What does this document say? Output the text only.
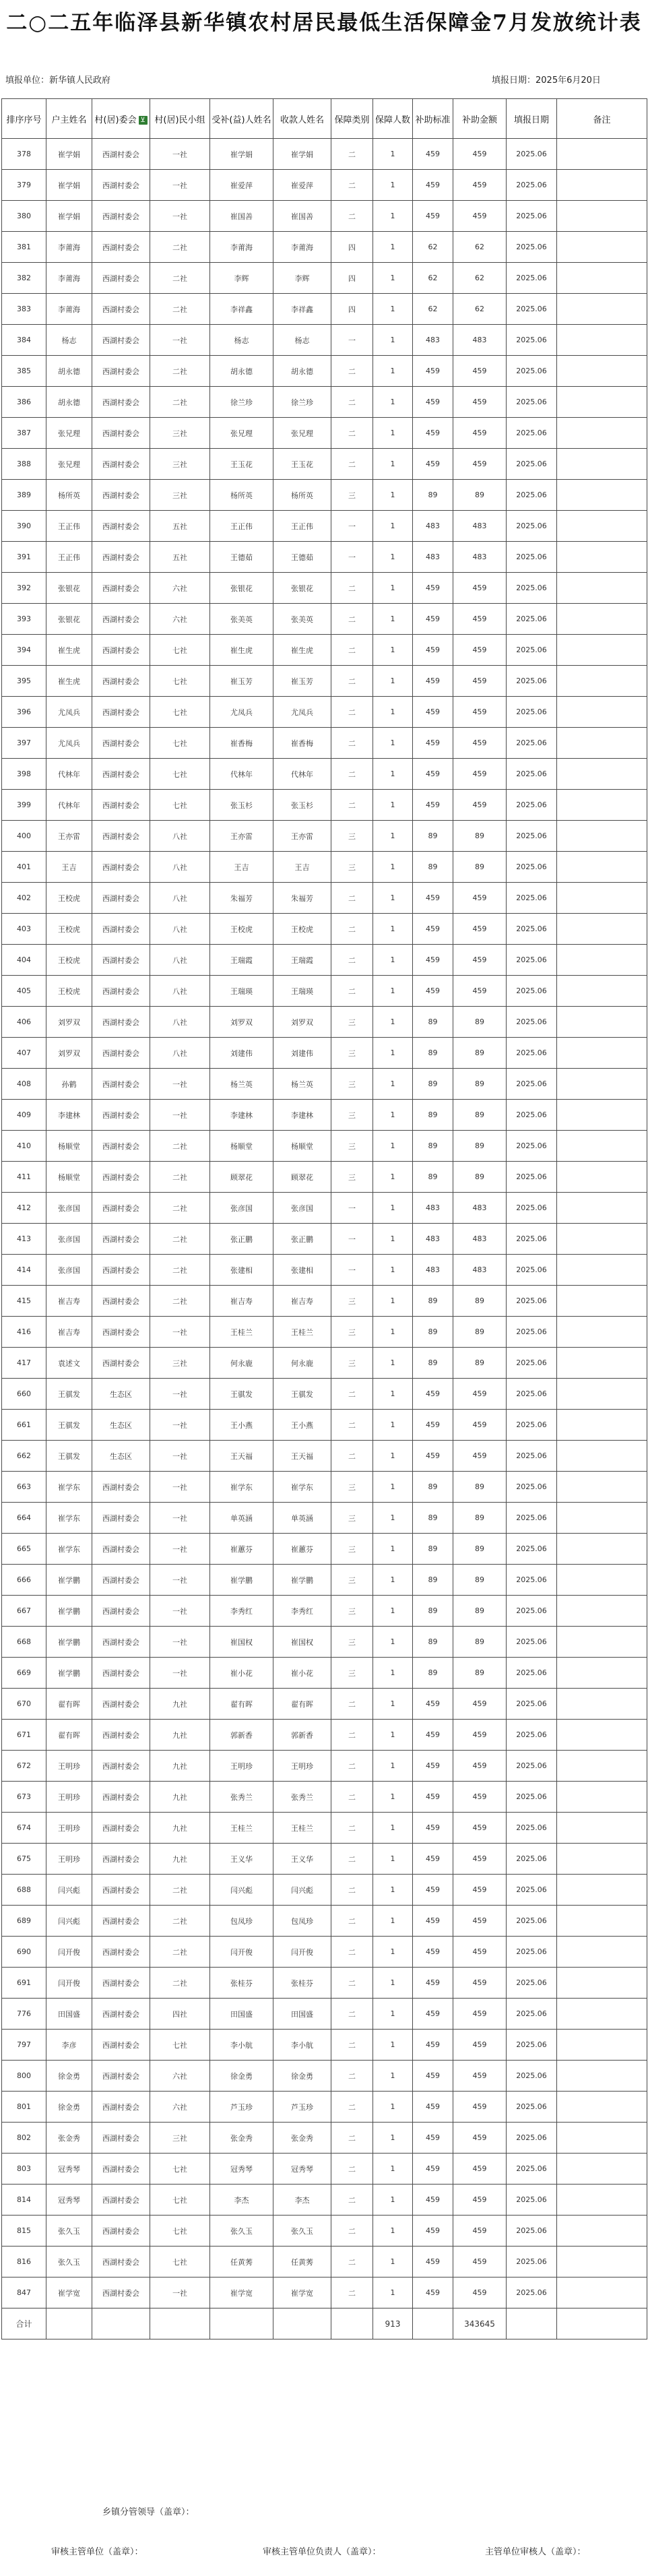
二○二五年临泽县新华镇农村居民最低生活保障金7月发放统计表
填报单位：新华镇人民政府	填报日期：2025年6月20日
排序序号	户主姓名	村(居)委会 ⊻	村(居)民小组	受补(益)人姓名	收款人姓名	保障类别	保障人数	补助标准	补助金额	填报日期	备注
378	崔学娟	西湖村委会	一社	崔学娟	崔学娟	二	1	459	459	2025.06	
379	崔学娟	西湖村委会	一社	崔爱萍	崔爱萍	二	1	459	459	2025.06	
380	崔学娟	西湖村委会	一社	崔国善	崔国善	二	1	459	459	2025.06	
381	李莆海	西湖村委会	二社	李莆海	李莆海	四	1	62	62	2025.06	
382	李莆海	西湖村委会	二社	李辉	李辉	四	1	62	62	2025.06	
383	李莆海	西湖村委会	二社	李祥鑫	李祥鑫	四	1	62	62	2025.06	
384	杨志	西湖村委会	一社	杨志	杨志	一	1	483	483	2025.06	
385	胡永德	西湖村委会	二社	胡永德	胡永德	二	1	459	459	2025.06	
386	胡永德	西湖村委会	二社	徐兰珍	徐兰珍	二	1	459	459	2025.06	
387	张兄理	西湖村委会	三社	张兄理	张兄理	二	1	459	459	2025.06	
388	张兄理	西湖村委会	三社	王玉花	王玉花	二	1	459	459	2025.06	
389	杨所英	西湖村委会	三社	杨所英	杨所英	三	1	89	89	2025.06	
390	王正伟	西湖村委会	五社	王正伟	王正伟	一	1	483	483	2025.06	
391	王正伟	西湖村委会	五社	王德茹	王德茹	一	1	483	483	2025.06	
392	张银花	西湖村委会	六社	张银花	张银花	二	1	459	459	2025.06	
393	张银花	西湖村委会	六社	张美英	张美英	二	1	459	459	2025.06	
394	崔生虎	西湖村委会	七社	崔生虎	崔生虎	二	1	459	459	2025.06	
395	崔生虎	西湖村委会	七社	崔玉芳	崔玉芳	二	1	459	459	2025.06	
396	尤凤兵	西湖村委会	七社	尤凤兵	尤凤兵	二	1	459	459	2025.06	
397	尤凤兵	西湖村委会	七社	崔香梅	崔香梅	二	1	459	459	2025.06	
398	代林年	西湖村委会	七社	代林年	代林年	二	1	459	459	2025.06	
399	代林年	西湖村委会	七社	张玉杉	张玉杉	二	1	459	459	2025.06	
400	王亦雷	西湖村委会	八社	王亦雷	王亦雷	三	1	89	89	2025.06	
401	王吉	西湖村委会	八社	王吉	王吉	三	1	89	89	2025.06	
402	王校虎	西湖村委会	八社	朱福芳	朱福芳	二	1	459	459	2025.06	
403	王校虎	西湖村委会	八社	王校虎	王校虎	二	1	459	459	2025.06	
404	王校虎	西湖村委会	八社	王瑞霞	王瑞霞	二	1	459	459	2025.06	
405	王校虎	西湖村委会	八社	王瑞瑛	王瑞瑛	二	1	459	459	2025.06	
406	刘罗双	西湖村委会	八社	刘罗双	刘罗双	三	1	89	89	2025.06	
407	刘罗双	西湖村委会	八社	刘建伟	刘建伟	三	1	89	89	2025.06	
408	孙鹤	西湖村委会	一社	杨兰英	杨兰英	三	1	89	89	2025.06	
409	李建林	西湖村委会	一社	李建林	李建林	三	1	89	89	2025.06	
410	杨顺堂	西湖村委会	二社	杨顺堂	杨顺堂	三	1	89	89	2025.06	
411	杨顺堂	西湖村委会	二社	顾翠花	顾翠花	三	1	89	89	2025.06	
412	张彦国	西湖村委会	二社	张彦国	张彦国	一	1	483	483	2025.06	
413	张彦国	西湖村委会	二社	张正鹏	张正鹏	一	1	483	483	2025.06	
414	张彦国	西湖村委会	二社	张建相	张建相	一	1	483	483	2025.06	
415	崔吉寿	西湖村委会	二社	崔吉寿	崔吉寿	三	1	89	89	2025.06	
416	崔吉寿	西湖村委会	一社	王桂兰	王桂兰	三	1	89	89	2025.06	
417	袁述文	西湖村委会	三社	何永鹿	何永鹿	三	1	89	89	2025.06	
660	王骐发	生态区	一社	王骐发	王骐发	二	1	459	459	2025.06	
661	王骐发	生态区	一社	王小燕	王小燕	二	1	459	459	2025.06	
662	王骐发	生态区	一社	王天福	王天福	二	1	459	459	2025.06	
663	崔学东	西湖村委会	一社	崔学东	崔学东	三	1	89	89	2025.06	
664	崔学东	西湖村委会	一社	单英涵	单英涵	三	1	89	89	2025.06	
665	崔学东	西湖村委会	一社	崔蕙芬	崔蕙芬	三	1	89	89	2025.06	
666	崔学鹏	西湖村委会	一社	崔学鹏	崔学鹏	三	1	89	89	2025.06	
667	崔学鹏	西湖村委会	一社	李秀红	李秀红	三	1	89	89	2025.06	
668	崔学鹏	西湖村委会	一社	崔国权	崔国权	三	1	89	89	2025.06	
669	崔学鹏	西湖村委会	一社	崔小花	崔小花	三	1	89	89	2025.06	
670	翟有晖	西湖村委会	九社	翟有晖	翟有晖	二	1	459	459	2025.06	
671	翟有晖	西湖村委会	九社	郭新香	郭新香	二	1	459	459	2025.06	
672	王明珍	西湖村委会	九社	王明珍	王明珍	二	1	459	459	2025.06	
673	王明珍	西湖村委会	九社	张秀兰	张秀兰	二	1	459	459	2025.06	
674	王明珍	西湖村委会	九社	王桂兰	王桂兰	二	1	459	459	2025.06	
675	王明珍	西湖村委会	九社	王义华	王义华	二	1	459	459	2025.06	
688	闫兴彪	西湖村委会	二社	闫兴彪	闫兴彪	二	1	459	459	2025.06	
689	闫兴彪	西湖村委会	二社	包凤珍	包凤珍	二	1	459	459	2025.06	
690	闫开俊	西湖村委会	二社	闫开俊	闫开俊	二	1	459	459	2025.06	
691	闫开俊	西湖村委会	二社	张桂芬	张桂芬	二	1	459	459	2025.06	
776	田国盛	西湖村委会	四社	田国盛	田国盛	二	1	459	459	2025.06	
797	李彦	西湖村委会	七社	李小航	李小航	二	1	459	459	2025.06	
800	徐金勇	西湖村委会	六社	徐金勇	徐金勇	二	1	459	459	2025.06	
801	徐金勇	西湖村委会	六社	芦玉珍	芦玉珍	二	1	459	459	2025.06	
802	张金秀	西湖村委会	三社	张金秀	张金秀	二	1	459	459	2025.06	
803	冠秀琴	西湖村委会	七社	冠秀琴	冠秀琴	二	1	459	459	2025.06	
814	冠秀琴	西湖村委会	七社	李杰	李杰	二	1	459	459	2025.06	
815	张久玉	西湖村委会	七社	张久玉	张久玉	二	1	459	459	2025.06	
816	张久玉	西湖村委会	七社	任黄莠	任黄莠	二	1	459	459	2025.06	
847	崔学宽	西湖村委会	一社	崔学宽	崔学宽	二	1	459	459	2025.06	
合计							913		343645		
乡镇分管领导（盖章）：
审核主管单位（盖章）：	审核主管单位负责人（盖章）：	主管单位审核人（盖章）：
